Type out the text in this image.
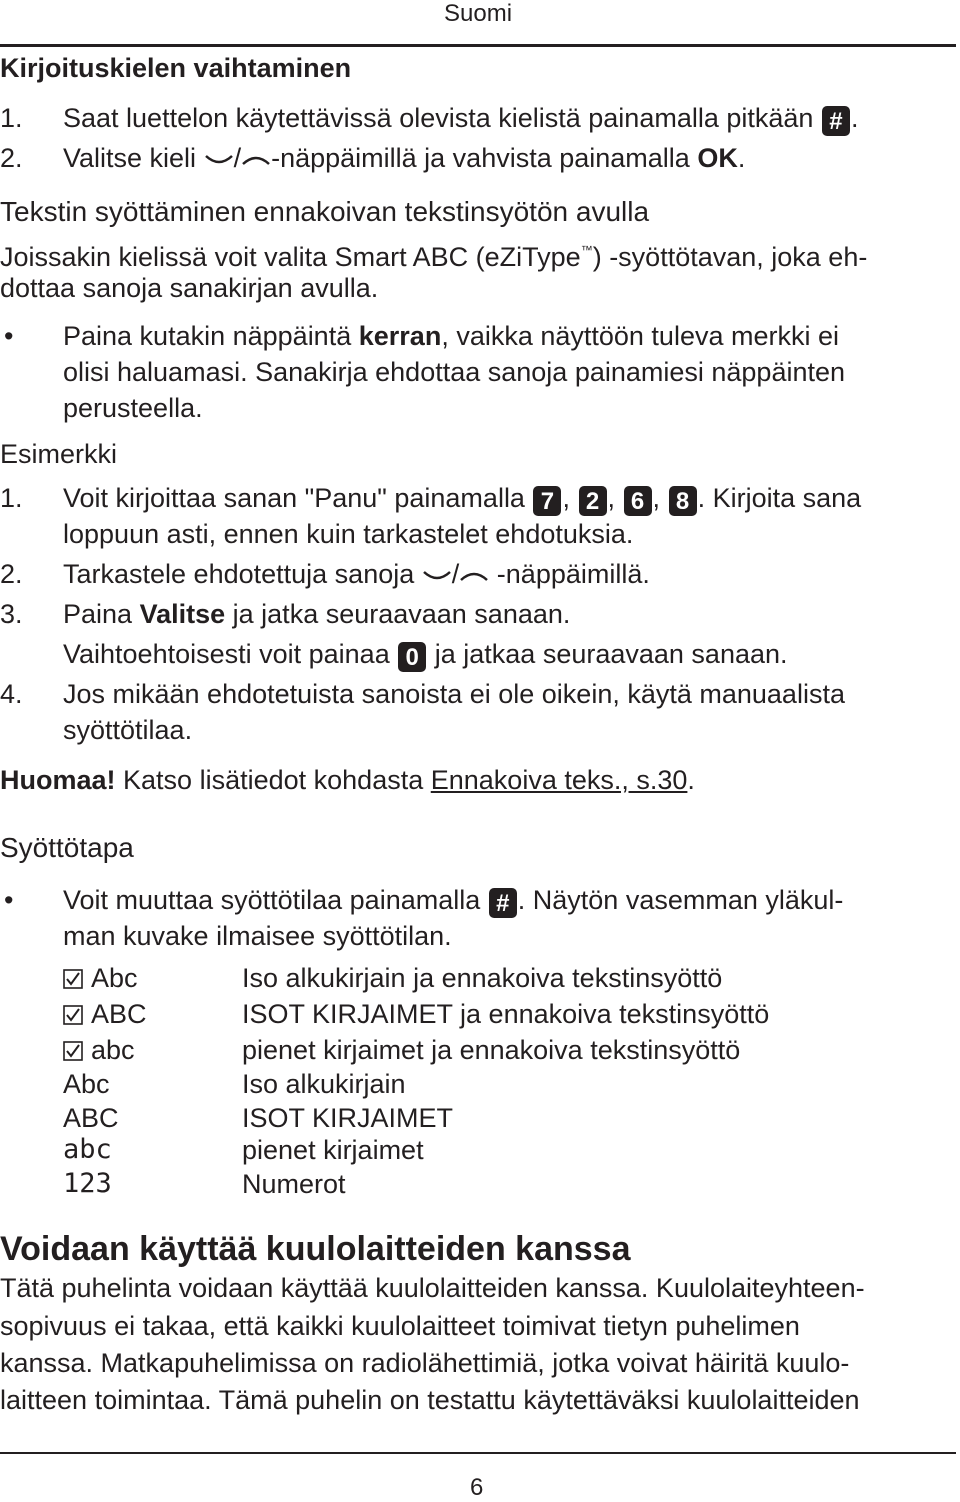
Suomi
Kirjoituskielen vaihtaminen
1. Saat luettelon käytettävissä olevista kielistä painamalla pitkään # .
2. Valitse kieli / -näppäimillä ja vahvista painamalla OK.
Tekstin syöttäminen ennakoivan tekstinsyötön avulla
Joissakin kielissä voit valita Smart ABC (eZiType™) -syöttötavan, joka eh-
dottaa sanoja sanakirjan avulla.
• Paina kutakin näppäintä kerran, vaikka näyttöön tuleva merkki ei
olisi haluamasi. Sanakirja ehdottaa sanoja painamiesi näppäinten
perusteella.
Esimerkki
1. Voit kirjoittaa sanan "Panu" painamalla 7 , 2 , 6 , 8 . Kirjoita sana
loppuun asti, ennen kuin tarkastelet ehdotuksia.
2. Tarkastele ehdotettuja sanoja / -näppäimillä.
3. Paina Valitse ja jatka seuraavaan sanaan.
Vaihtoehtoisesti voit painaa 0 ja jatkaa seuraavaan sanaan.
4. Jos mikään ehdotetuista sanoista ei ole oikein, käytä manuaalista
syöttötilaa.
Huomaa! Katso lisätiedot kohdasta Ennakoiva teks., s.30.
Syöttötapa
• Voit muuttaa syöttötilaa painamalla # . Näytön vasemman yläkul-
man kuvake ilmaisee syöttötilan.
Abc	Iso alkukirjain ja ennakoiva tekstinsyöttö
ABC	ISOT KIRJAIMET ja ennakoiva tekstinsyöttö
abc	pienet kirjaimet ja ennakoiva tekstinsyöttö
Abc	Iso alkukirjain
ABC	ISOT KIRJAIMET
abc	pienet kirjaimet
123	Numerot
Voidaan käyttää kuulolaitteiden kanssa
Tätä puhelinta voidaan käyttää kuulolaitteiden kanssa. Kuulolaiteyhteen-
sopivuus ei takaa, että kaikki kuulolaitteet toimivat tietyn puhelimen
kanssa. Matkapuhelimissa on radiolähettimiä, jotka voivat häiritä kuulo-
laitteen toimintaa. Tämä puhelin on testattu käytettäväksi kuulolaitteiden
6
